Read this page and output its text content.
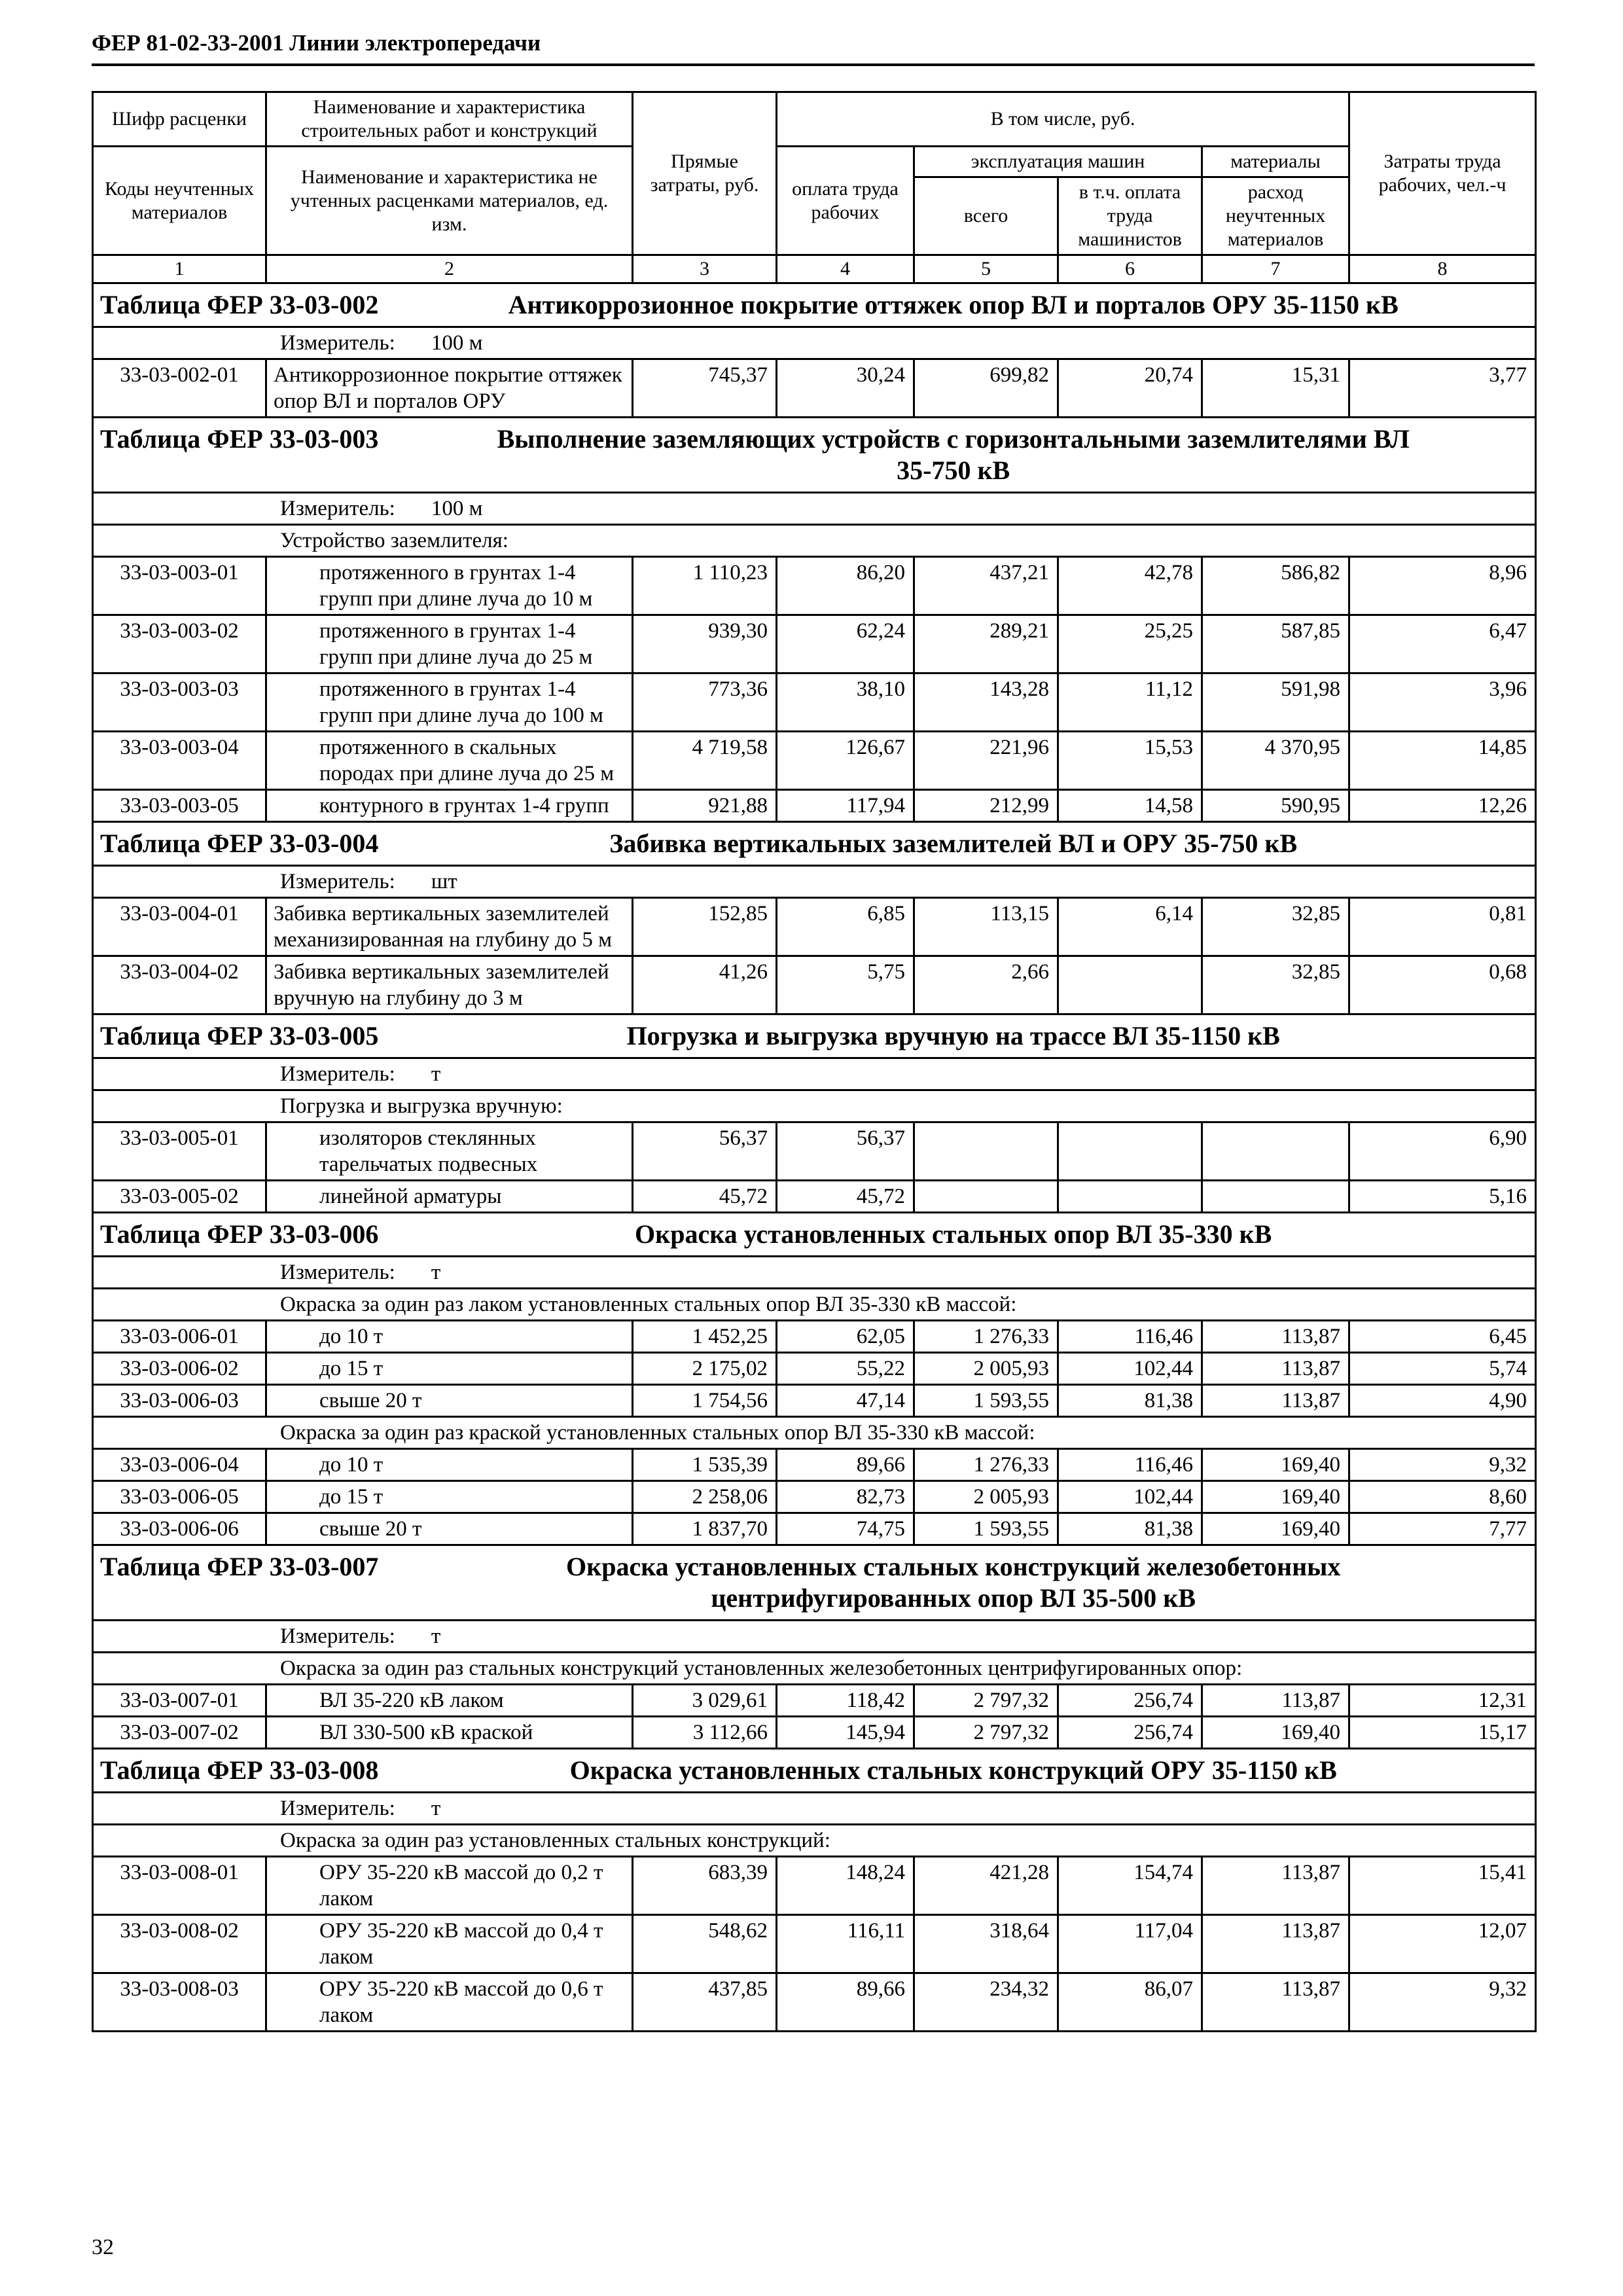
ФЕР 81-02-33-2001 Линии электропередачи
Шифр расценки	Наименование и характеристика строительных работ и конструкций	Прямые затраты, руб.	В том числе, руб.				Затраты труда рабочих, чел.-ч
Коды неучтенных материалов	Наименование и характеристика не учтенных расценками материалов, ед. изм.		оплата труда рабочих	эксплуатация машин		материалы	
				всего	в т.ч. оплата труда машинистов	расход неучтенных материалов	
1	2	3	4	5	6	7	8

Таблица ФЕР 33-03-002 Антикоррозионное покрытие оттяжек опор ВЛ и порталов ОРУ 35-1150 кВ							

Измеритель: 100 м							
33-03-002-01	Антикоррозионное покрытие оттяжек опор ВЛ и порталов ОРУ	745,37	30,24	699,82	20,74	15,31	3,77

Таблица ФЕР 33-03-003 Выполнение заземляющих устройств с горизонтальными заземлителями ВЛ 35-750 кВ							

Измеритель: 100 м							
Устройство заземлителя:							
33-03-003-01	протяженного в грунтах 1-4 групп при длине луча до 10 м	1 110,23	86,20	437,21	42,78	586,82	8,96
33-03-003-02	протяженного в грунтах 1-4 групп при длине луча до 25 м	939,30	62,24	289,21	25,25	587,85	6,47
33-03-003-03	протяженного в грунтах 1-4 групп при длине луча до 100 м	773,36	38,10	143,28	11,12	591,98	3,96
33-03-003-04	протяженного в скальных породах при длине луча до 25 м	4 719,58	126,67	221,96	15,53	4 370,95	14,85
33-03-003-05	контурного в грунтах 1-4 групп	921,88	117,94	212,99	14,58	590,95	12,26

Таблица ФЕР 33-03-004 Забивка вертикальных заземлителей ВЛ и ОРУ 35-750 кВ							

Измеритель: шт							
33-03-004-01	Забивка вертикальных заземлителей механизированная на глубину до 5 м	152,85	6,85	113,15	6,14	32,85	0,81
33-03-004-02	Забивка вертикальных заземлителей вручную на глубину до 3 м	41,26	5,75	2,66		32,85	0,68

Таблица ФЕР 33-03-005 Погрузка и выгрузка вручную на трассе ВЛ 35-1150 кВ							

Измеритель: т							
Погрузка и выгрузка вручную:							
33-03-005-01	изоляторов стеклянных тарельчатых подвесных	56,37	56,37				6,90
33-03-005-02	линейной арматуры	45,72	45,72				5,16

Таблица ФЕР 33-03-006 Окраска установленных стальных опор ВЛ 35-330 кВ							

Измеритель: т							
Окраска за один раз лаком установленных стальных опор ВЛ 35-330 кВ массой:							
33-03-006-01	до 10 т	1 452,25	62,05	1 276,33	116,46	113,87	6,45
33-03-006-02	до 15 т	2 175,02	55,22	2 005,93	102,44	113,87	5,74
33-03-006-03	свыше 20 т	1 754,56	47,14	1 593,55	81,38	113,87	4,90
Окраска за один раз краской установленных стальных опор ВЛ 35-330 кВ массой:							
33-03-006-04	до 10 т	1 535,39	89,66	1 276,33	116,46	169,40	9,32
33-03-006-05	до 15 т	2 258,06	82,73	2 005,93	102,44	169,40	8,60
33-03-006-06	свыше 20 т	1 837,70	74,75	1 593,55	81,38	169,40	7,77

Таблица ФЕР 33-03-007 Окраска установленных стальных конструкций железобетонных центрифугированных опор ВЛ 35-500 кВ							

Измеритель: т							
Окраска за один раз стальных конструкций установленных железобетонных центрифугированных опор:							
33-03-007-01	ВЛ 35-220 кВ лаком	3 029,61	118,42	2 797,32	256,74	113,87	12,31
33-03-007-02	ВЛ 330-500 кВ краской	3 112,66	145,94	2 797,32	256,74	169,40	15,17

Таблица ФЕР 33-03-008 Окраска установленных стальных конструкций ОРУ 35-1150 кВ							

Измеритель: т							
Окраска за один раз установленных стальных конструкций:							
33-03-008-01	ОРУ 35-220 кВ массой до 0,2 т лаком	683,39	148,24	421,28	154,74	113,87	15,41
33-03-008-02	ОРУ 35-220 кВ массой до 0,4 т лаком	548,62	116,11	318,64	117,04	113,87	12,07
33-03-008-03	ОРУ 35-220 кВ массой до 0,6 т лаком	437,85	89,66	234,32	86,07	113,87	9,32
32
